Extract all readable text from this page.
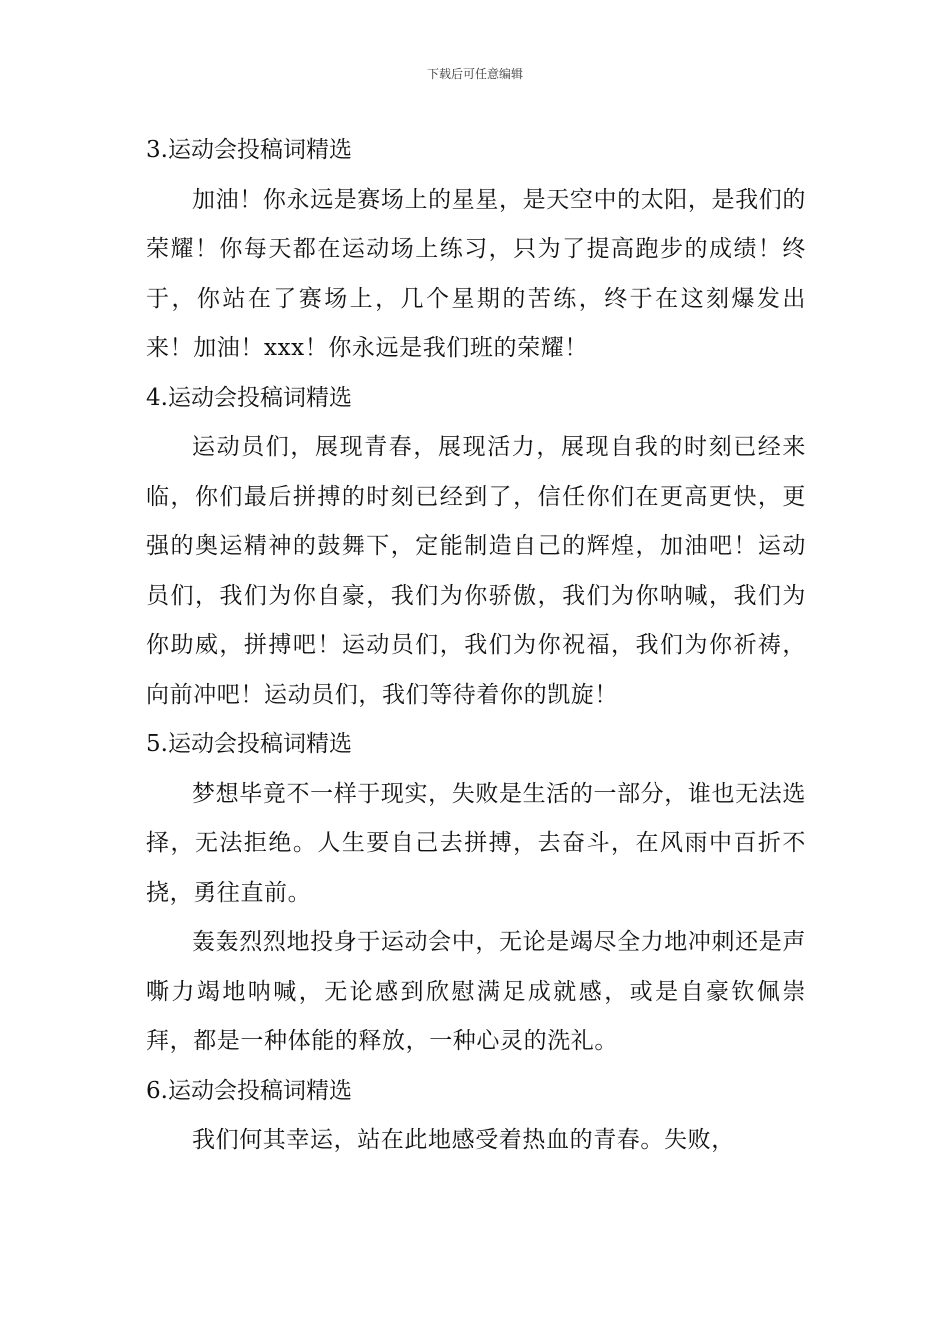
下载后可任意编辑
3.运动会投稿词精选

加油！你永远是赛场上的星星，是天空中的太阳，是我们的荣耀！你每天都在运动场上练习，只为了提高跑步的成绩！终于，你站在了赛场上，几个星期的苦练，终于在这刻爆发出来！加油！xxx！你永远是我们班的荣耀！

4.运动会投稿词精选

运动员们，展现青春，展现活力，展现自我的时刻已经来临，你们最后拼搏的时刻已经到了，信任你们在更高更快，更强的奥运精神的鼓舞下，定能制造自己的辉煌，加油吧！运动员们，我们为你自豪，我们为你骄傲，我们为你呐喊，我们为你助威，拼搏吧！运动员们，我们为你祝福，我们为你祈祷，向前冲吧！运动员们，我们等待着你的凯旋！

5.运动会投稿词精选

梦想毕竟不一样于现实，失败是生活的一部分，谁也无法选择，无法拒绝。人生要自己去拼搏，去奋斗，在风雨中百折不挠，勇往直前。

轰轰烈烈地投身于运动会中，无论是竭尽全力地冲刺还是声嘶力竭地呐喊，无论感到欣慰满足成就感，或是自豪钦佩崇拜，都是一种体能的释放，一种心灵的洗礼。

6.运动会投稿词精选

我们何其幸运，站在此地感受着热血的青春。失败，
